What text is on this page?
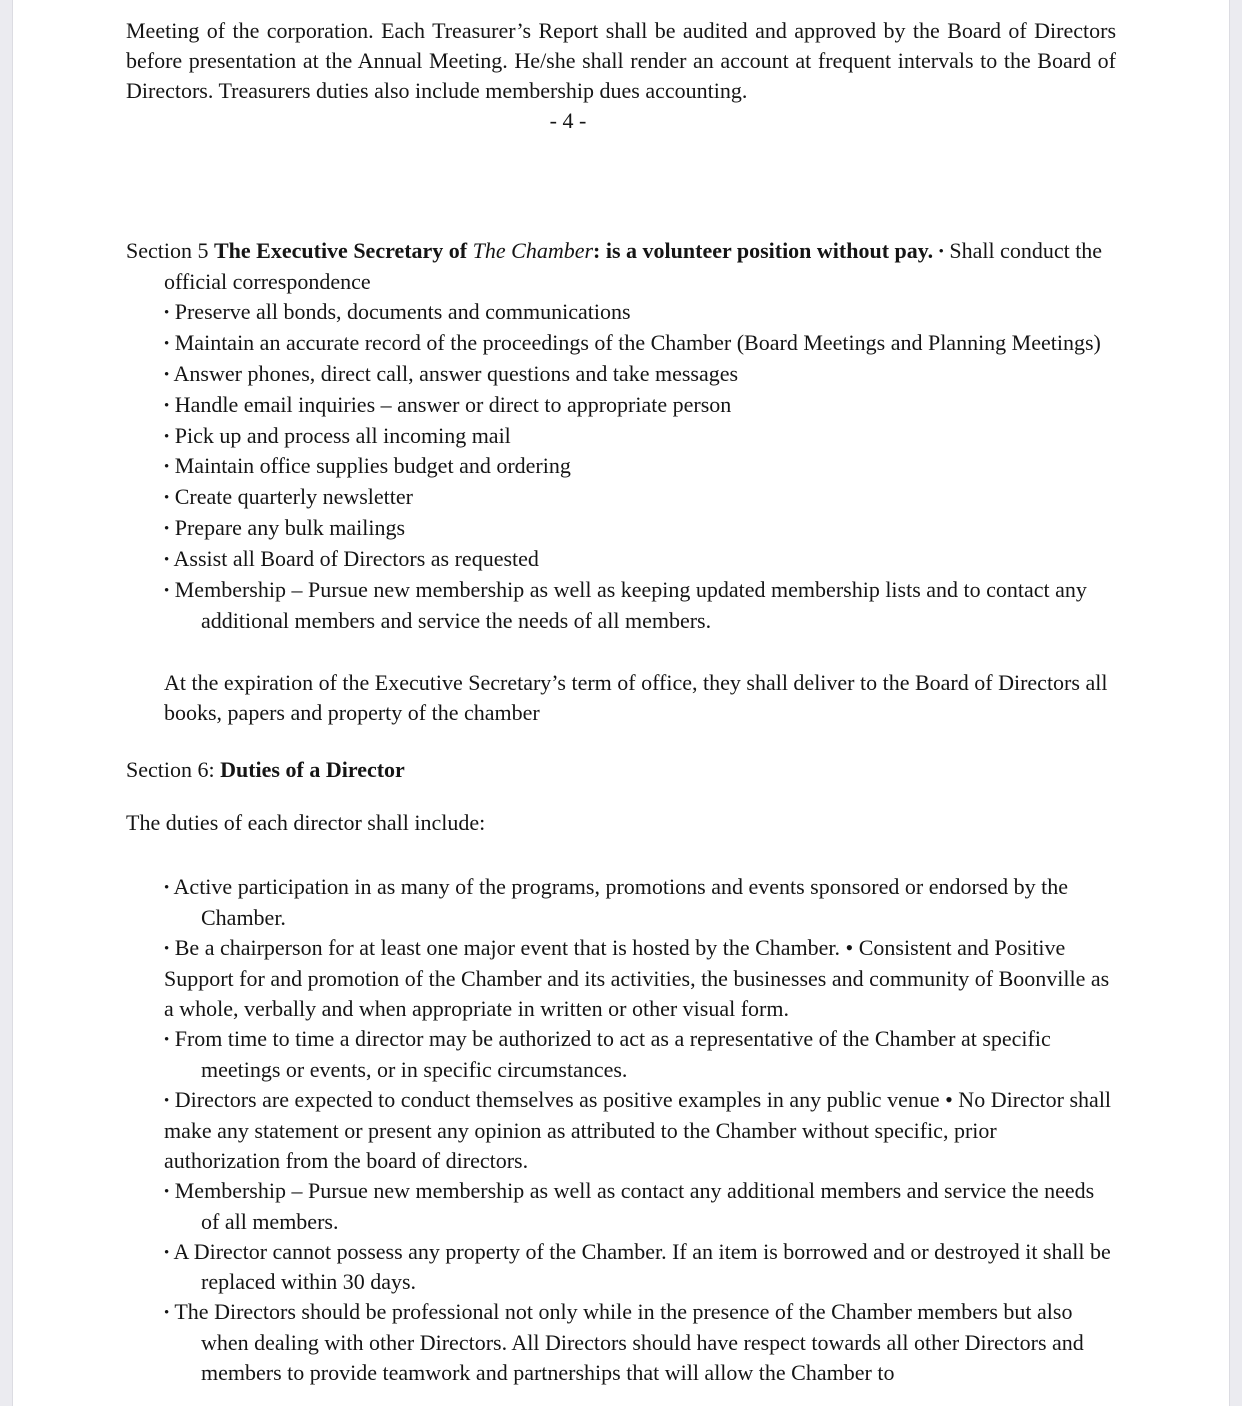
Meeting of the corporation. Each Treasurer’s Report shall be audited and approved by the Board of Directors before presentation at the Annual Meeting. He/she shall render an account at frequent intervals to the Board of Directors. Treasurers duties also include membership dues accounting.

- 4 -
Section 5 The Executive Secretary of The Chamber: is a volunteer position without pay. • Shall conduct the official correspondence
• Preserve all bonds, documents and communications
• Maintain an accurate record of the proceedings of the Chamber (Board Meetings and Planning Meetings)
• Answer phones, direct call, answer questions and take messages
• Handle email inquiries – answer or direct to appropriate person
• Pick up and process all incoming mail
• Maintain office supplies budget and ordering
• Create quarterly newsletter
• Prepare any bulk mailings
• Assist all Board of Directors as requested
• Membership – Pursue new membership as well as keeping updated membership lists and to contact any additional members and service the needs of all members.
At the expiration of the Executive Secretary’s term of office, they shall deliver to the Board of Directors all books, papers and property of the chamber
Section 6: Duties of a Director
The duties of each director shall include:
• Active participation in as many of the programs, promotions and events sponsored or endorsed by the Chamber.
• Be a chairperson for at least one major event that is hosted by the Chamber. • Consistent and Positive Support for and promotion of the Chamber and its activities, the businesses and community of Boonville as a whole, verbally and when appropriate in written or other visual form.
• From time to time a director may be authorized to act as a representative of the Chamber at specific meetings or events, or in specific circumstances.
• Directors are expected to conduct themselves as positive examples in any public venue • No Director shall make any statement or present any opinion as attributed to the Chamber without specific, prior authorization from the board of directors.
• Membership – Pursue new membership as well as contact any additional members and service the needs of all members.
• A Director cannot possess any property of the Chamber. If an item is borrowed and or destroyed it shall be replaced within 30 days.
• The Directors should be professional not only while in the presence of the Chamber members but also when dealing with other Directors. All Directors should have respect towards all other Directors and members to provide teamwork and partnerships that will allow the Chamber to
